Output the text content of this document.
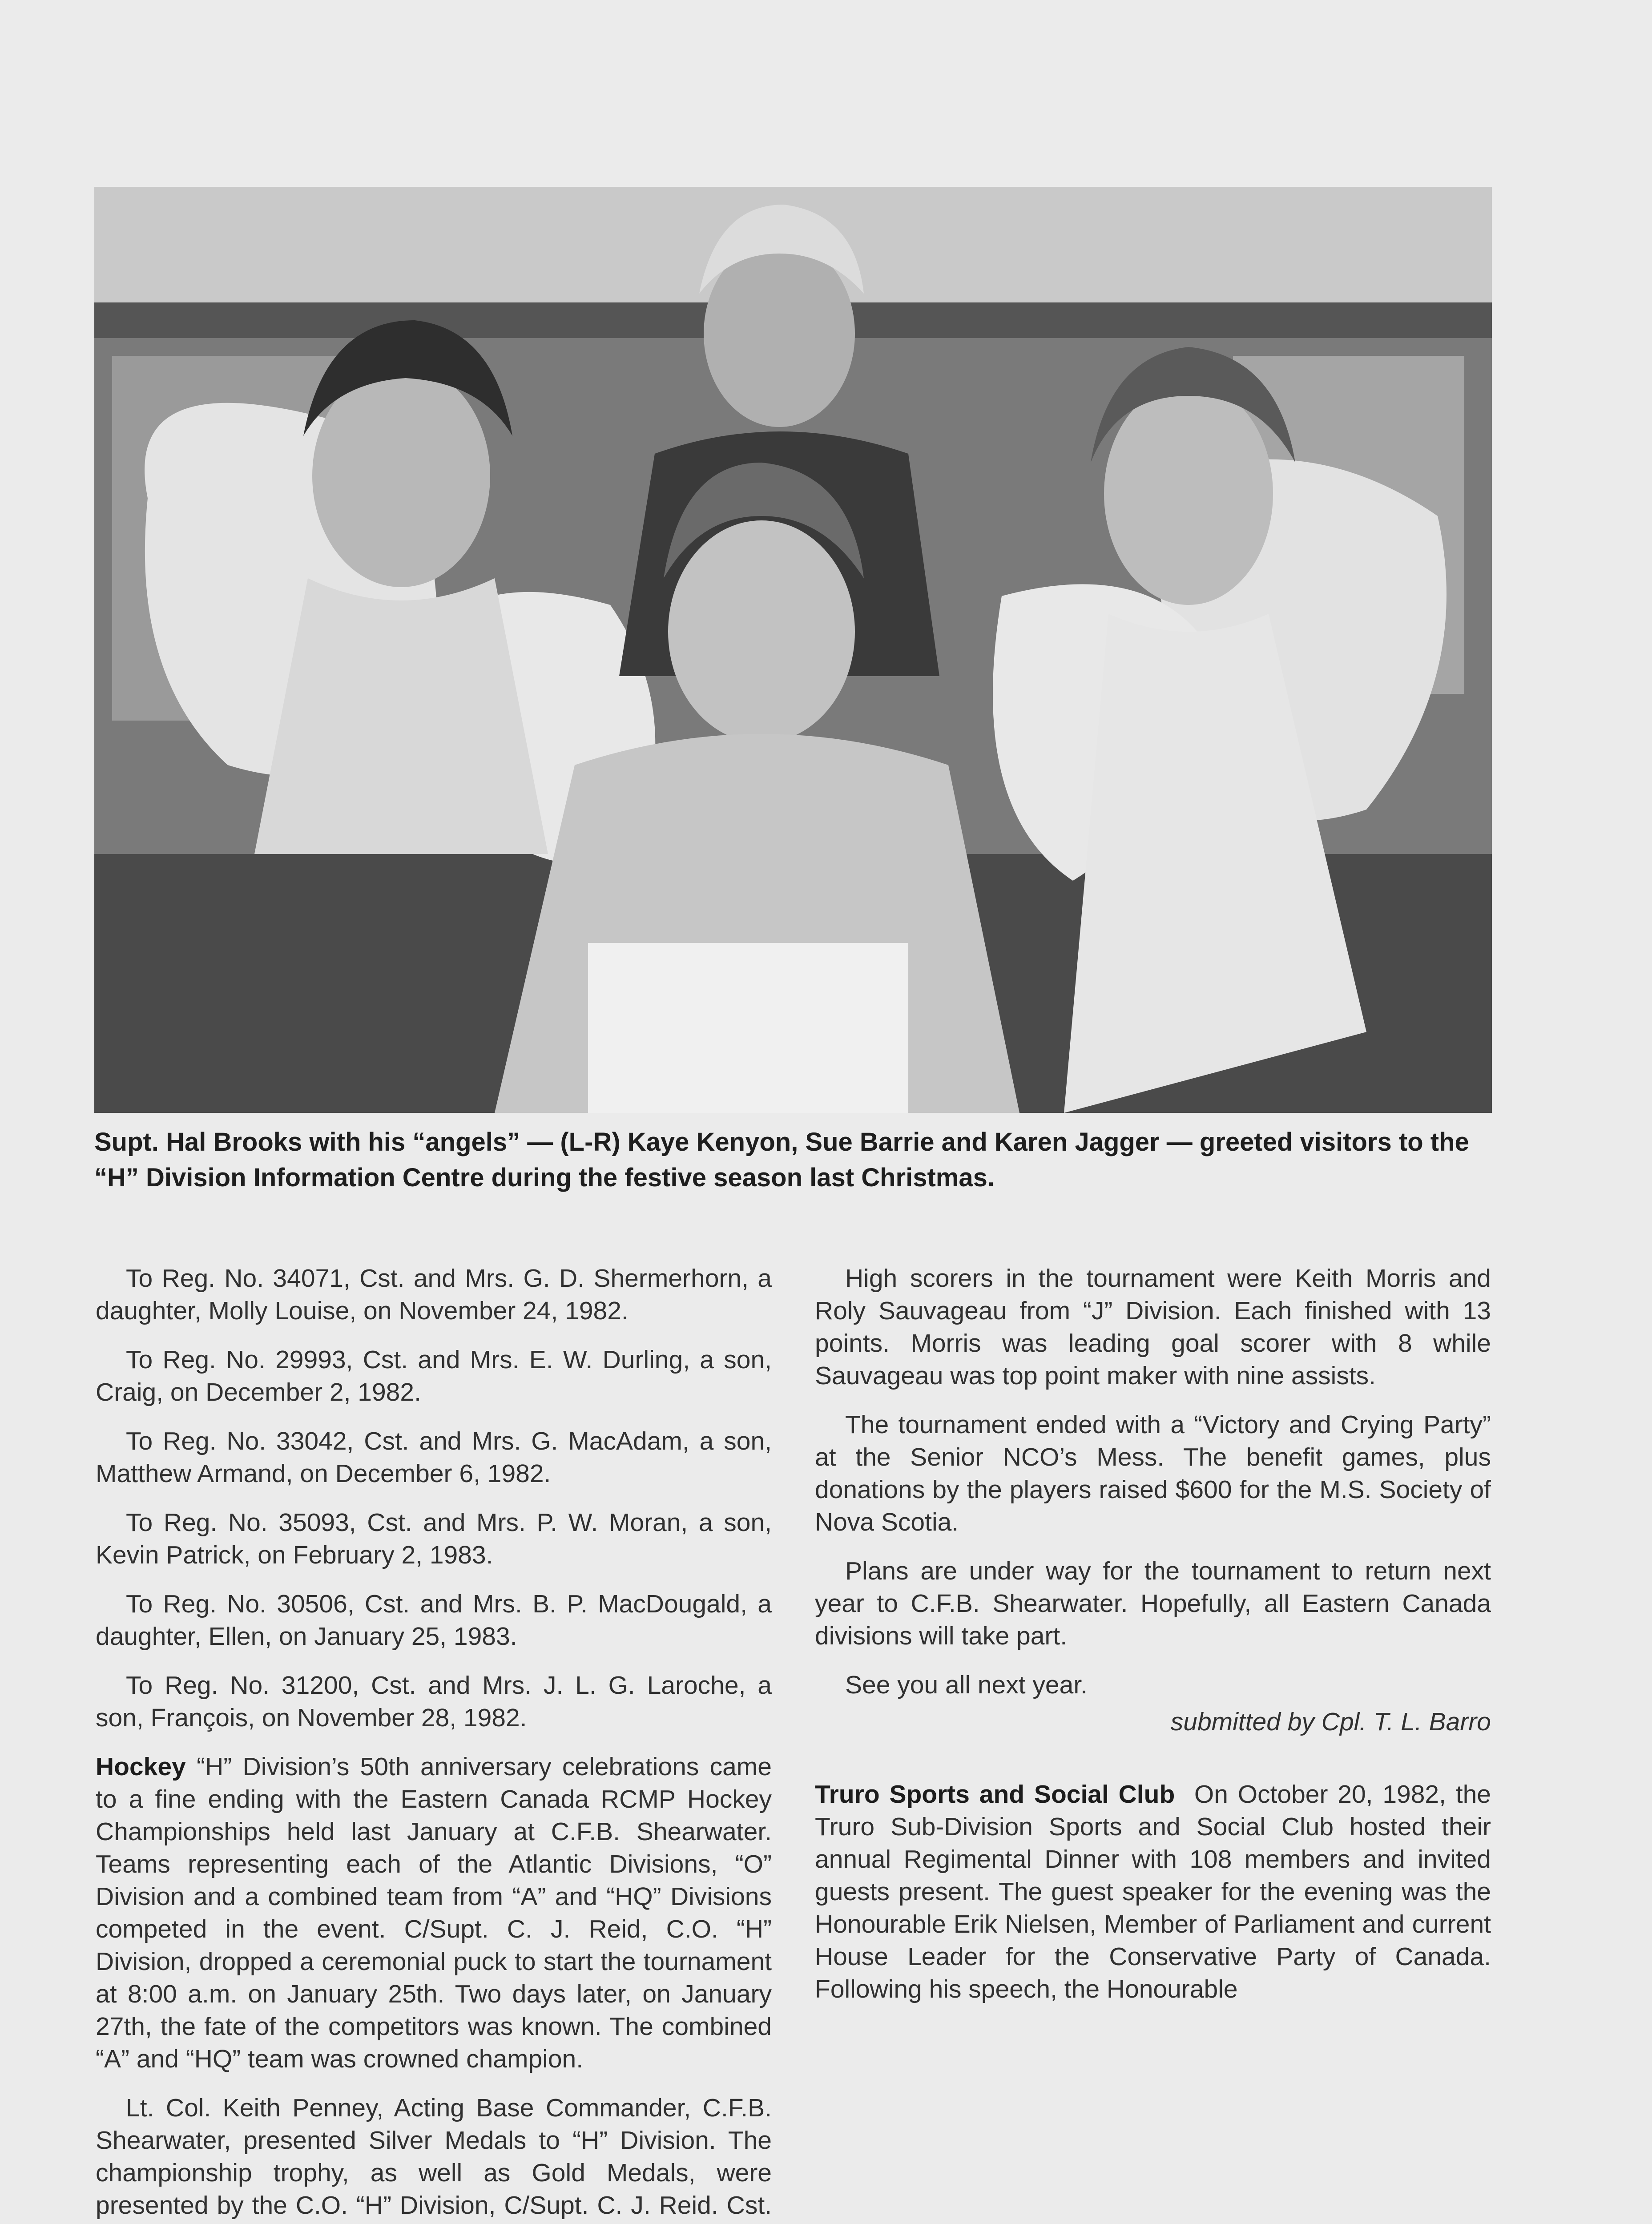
Supt. Hal Brooks with his “angels” — (L-R) Kaye Kenyon, Sue Barrie and Karen Jagger — greeted visitors to the “H” Division Information Centre during the festive season last Christmas.

To Reg. No. 34071, Cst. and Mrs. G. D. Shermerhorn, a daughter, Molly Louise, on November 24, 1982.

To Reg. No. 29993, Cst. and Mrs. E. W. Durling, a son, Craig, on December 2, 1982.

To Reg. No. 33042, Cst. and Mrs. G. MacAdam, a son, Matthew Armand, on December 6, 1982.

To Reg. No. 35093, Cst. and Mrs. P. W. Moran, a son, Kevin Patrick, on February 2, 1983.

To Reg. No. 30506, Cst. and Mrs. B. P. MacDougald, a daughter, Ellen, on January 25, 1983.

To Reg. No. 31200, Cst. and Mrs. J. L. G. Laroche, a son, François, on November 28, 1982.

Hockey “H” Division’s 50th anniversary celebrations came to a fine ending with the Eastern Canada RCMP Hockey Championships held last January at C.F.B. Shearwater. Teams representing each of the Atlantic Divisions, “O” Division and a combined team from “A” and “HQ” Divisions competed in the event. C/Supt. C. J. Reid, C.O. “H” Division, dropped a ceremonial puck to start the tournament at 8:00 a.m. on January 25th. Two days later, on January 27th, the fate of the competitors was known. The combined “A” and “HQ” team was crowned champion.

Lt. Col. Keith Penney, Acting Base Commander, C.F.B. Shearwater, presented Silver Medals to “H” Division. The championship trophy, as well as Gold Medals, were presented by the C.O. “H” Division, C/Supt. C. J. Reid. Cst.

High scorers in the tournament were Keith Morris and Roly Sauvageau from “J” Division. Each finished with 13 points. Morris was leading goal scorer with 8 while Sauvageau was top point maker with nine assists.

The tournament ended with a “Victory and Crying Party” at the Senior NCO’s Mess. The benefit games, plus donations by the players raised $600 for the M.S. Society of Nova Scotia.

Plans are under way for the tournament to return next year to C.F.B. Shearwater. Hopefully, all Eastern Canada divisions will take part.

See you all next year.

submitted by Cpl. T. L. Barro

Truro Sports and Social Club On October 20, 1982, the Truro Sub-Division Sports and Social Club hosted their annual Regimental Dinner with 108 members and invited guests present. The guest speaker for the evening was the Honourable Erik Nielsen, Member of Parliament and current House Leader for the Conservative Party of Canada. Following his speech, the Honourable
